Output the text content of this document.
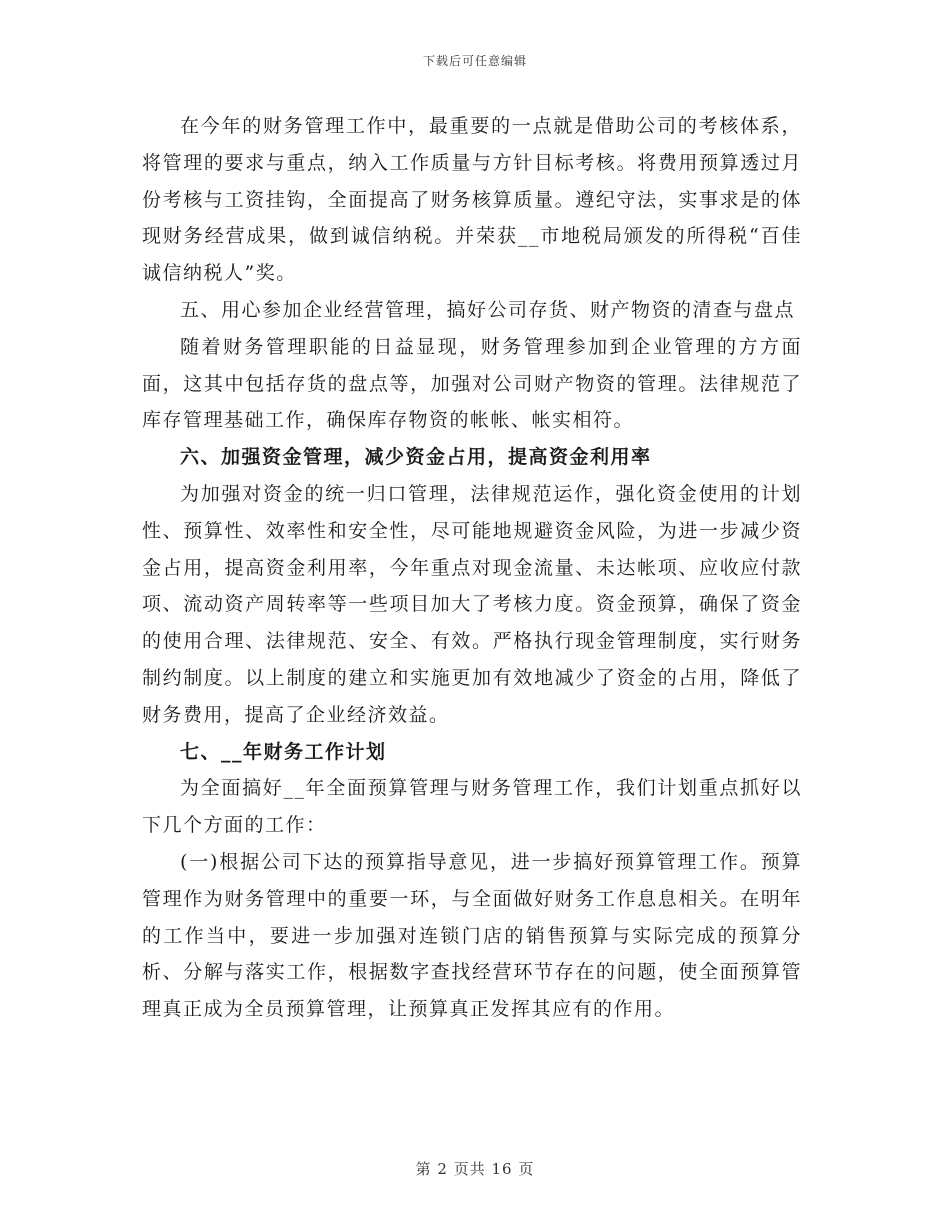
下载后可任意编辑

在今年的财务管理工作中，最重要的一点就是借助公司的考核体系，将管理的要求与重点，纳入工作质量与方针目标考核。将费用预算透过月份考核与工资挂钩，全面提高了财务核算质量。遵纪守法，实事求是的体现财务经营成果，做到诚信纳税。并荣获__市地税局颁发的所得税“百佳诚信纳税人”奖。

五、用心参加企业经营管理，搞好公司存货、财产物资的清查与盘点

随着财务管理职能的日益显现，财务管理参加到企业管理的方方面面，这其中包括存货的盘点等，加强对公司财产物资的管理。法律规范了库存管理基础工作，确保库存物资的帐帐、帐实相符。

六、加强资金管理，减少资金占用，提高资金利用率

为加强对资金的统一归口管理，法律规范运作，强化资金使用的计划性、预算性、效率性和安全性，尽可能地规避资金风险，为进一步减少资金占用，提高资金利用率，今年重点对现金流量、未达帐项、应收应付款项、流动资产周转率等一些项目加大了考核力度。资金预算，确保了资金的使用合理、法律规范、安全、有效。严格执行现金管理制度，实行财务制约制度。以上制度的建立和实施更加有效地减少了资金的占用，降低了财务费用，提高了企业经济效益。

七、__年财务工作计划

为全面搞好__年全面预算管理与财务管理工作，我们计划重点抓好以下几个方面的工作：

(一)根据公司下达的预算指导意见，进一步搞好预算管理工作。预算管理作为财务管理中的重要一环，与全面做好财务工作息息相关。在明年的工作当中，要进一步加强对连锁门店的销售预算与实际完成的预算分析、分解与落实工作，根据数字查找经营环节存在的问题，使全面预算管理真正成为全员预算管理，让预算真正发挥其应有的作用。

第 2 页共 16 页
